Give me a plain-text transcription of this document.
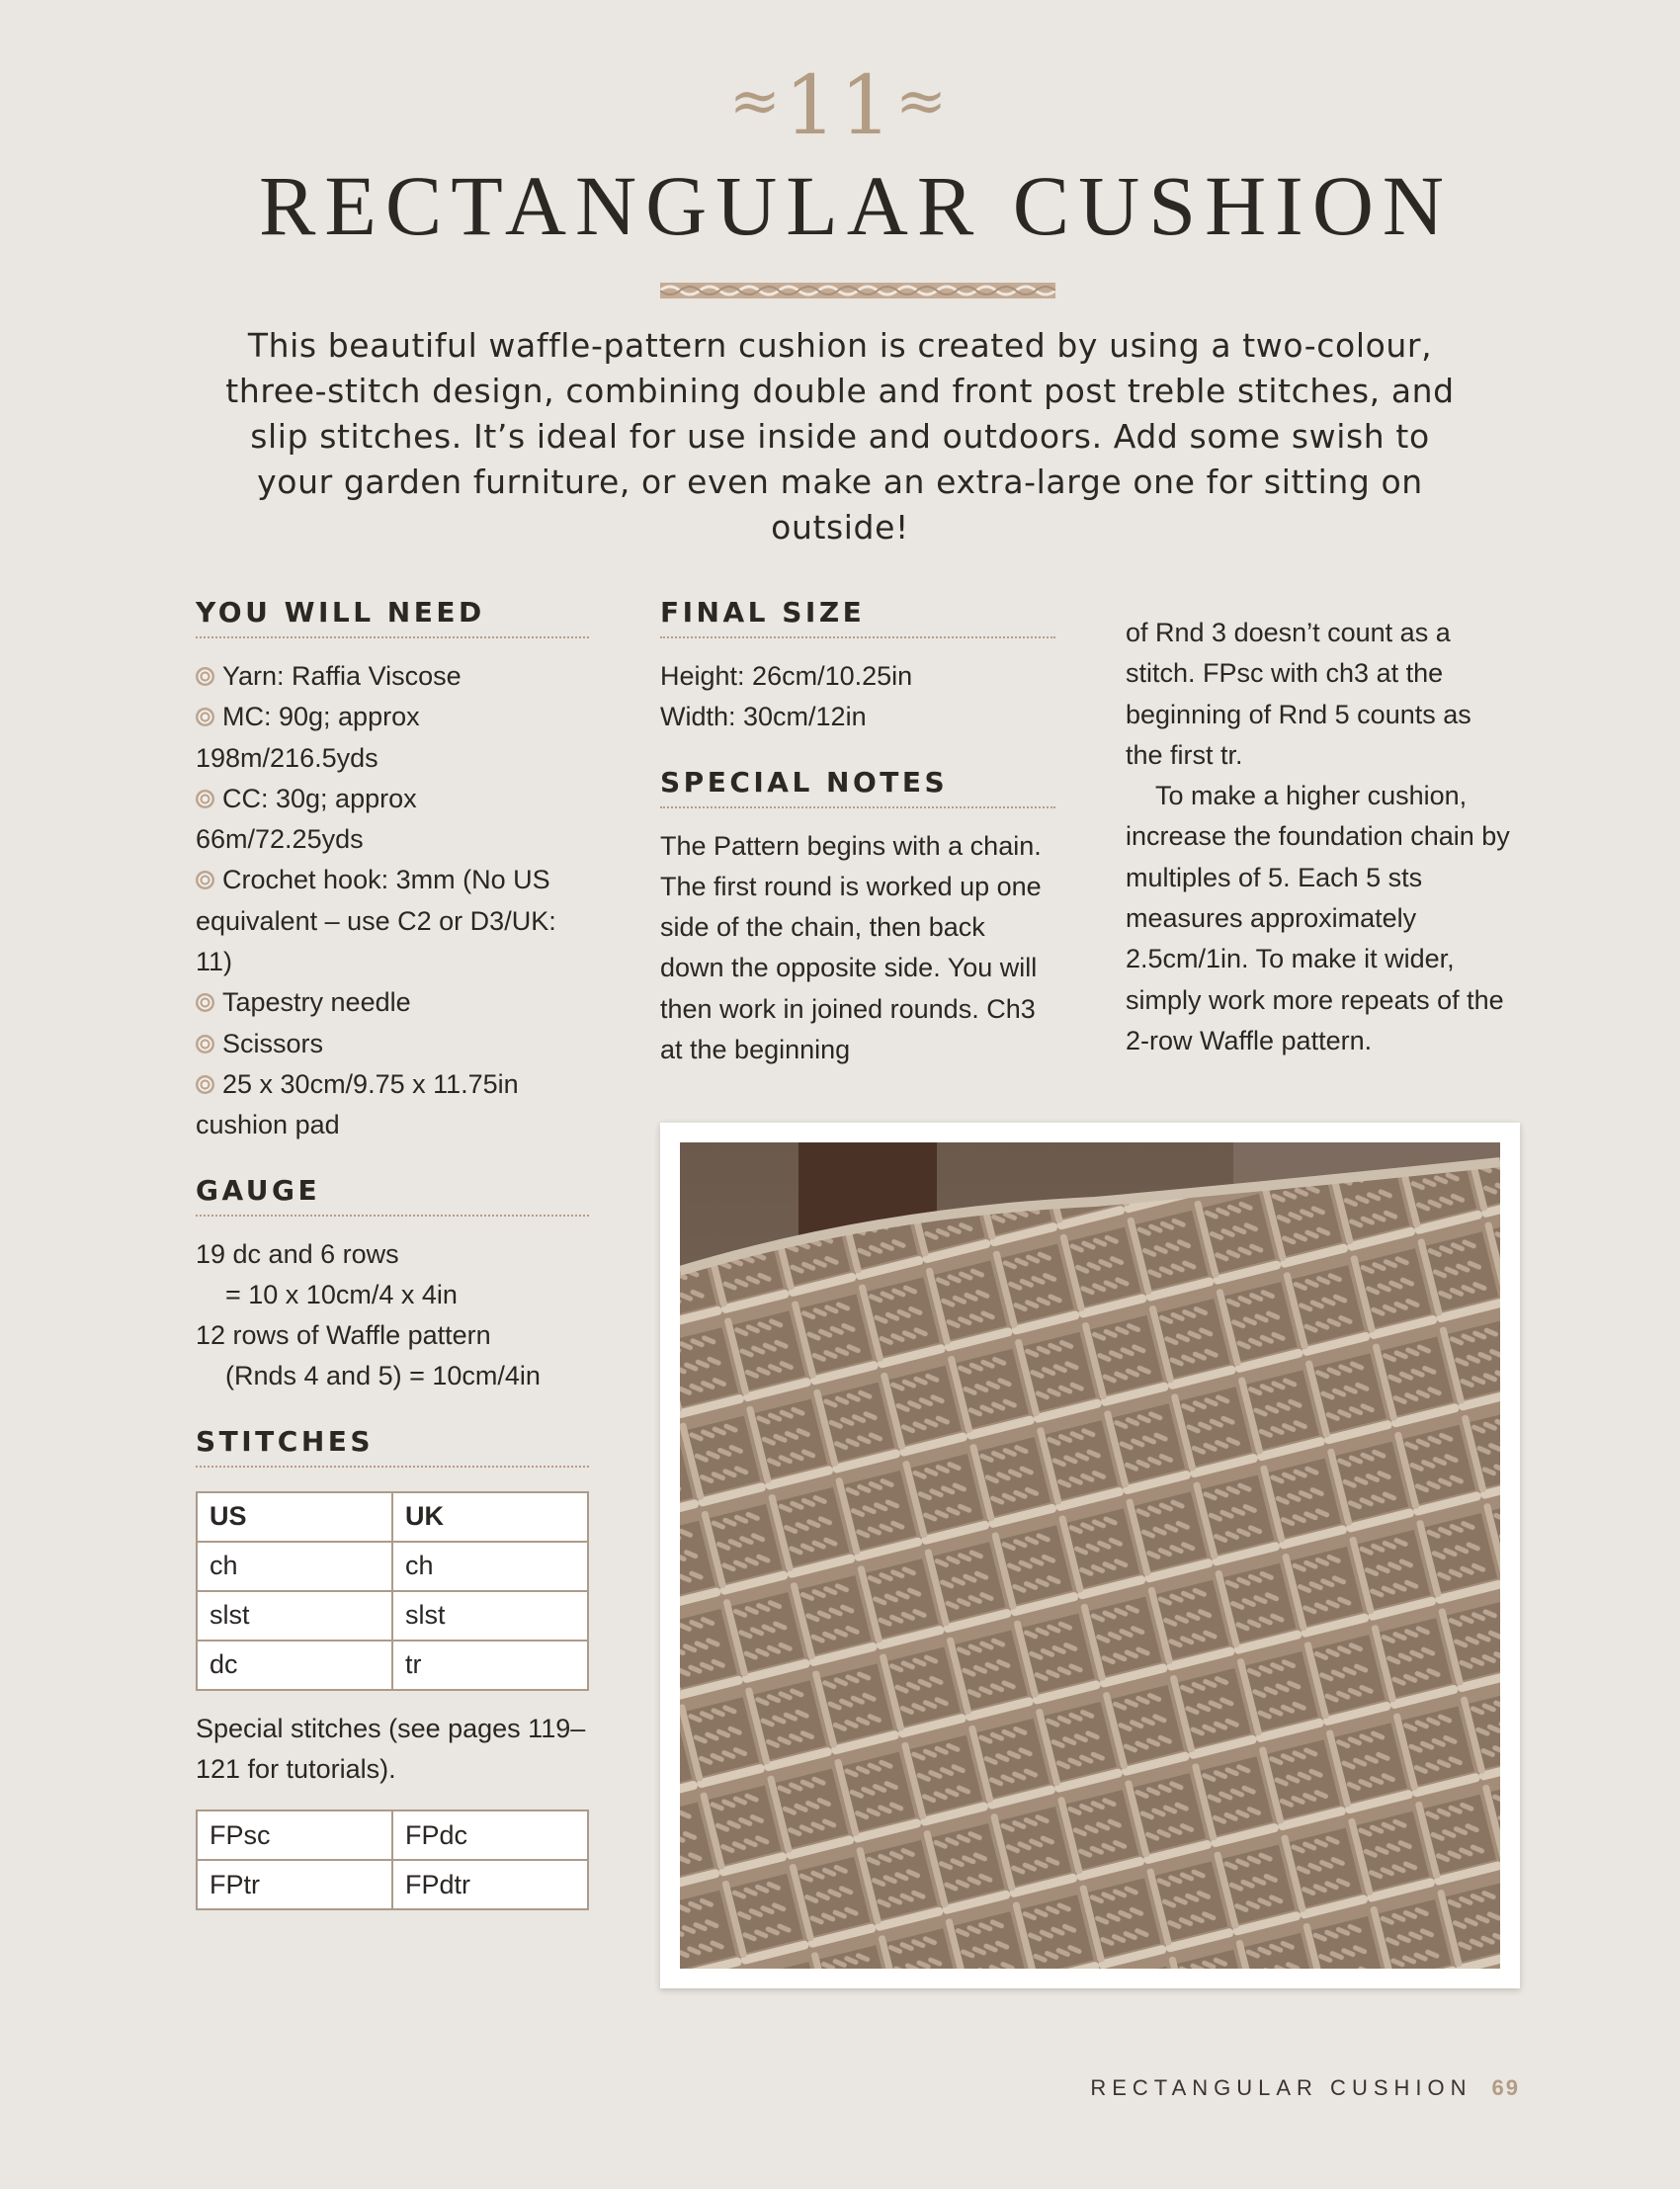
≈11≈
RECTANGULAR CUSHION

This beautiful waffle-pattern cushion is created by using a two-colour, three-stitch design, combining double and front post treble stitches, and slip stitches. It’s ideal for use inside and outdoors. Add some swish to your garden furniture, or even make an extra-large one for sitting on outside!

YOU WILL NEED
Yarn: Raffia Viscose
MC: 90g; approx 198m/216.5yds
CC: 30g; approx 66m/72.25yds
Crochet hook: 3mm (No US equivalent – use C2 or D3/UK: 11)
Tapestry needle
Scissors
25 x 30cm/9.75 x 11.75in cushion pad
GAUGE
19 dc and 6 rows
= 10 x 10cm/4 x 4in
12 rows of Waffle pattern
(Rnds 4 and 5) = 10cm/4in
STITCHES
US	UK
ch	ch
slst	slst
dc	tr
Special stitches (see pages 119–121 for tutorials).
FPsc	FPdc
FPtr	FPdtr
FINAL SIZE
Height: 26cm/10.25in
Width: 30cm/12in
SPECIAL NOTES
The Pattern begins with a chain. The first round is worked up one side of the chain, then back down the opposite side. You will then work in joined rounds. Ch3 at the beginning
of Rnd 3 doesn’t count as a stitch. FPsc with ch3 at the beginning of Rnd 5 counts as the first tr.
To make a higher cushion, increase the foundation chain by multiples of 5. Each 5 sts measures approximately 2.5cm/1in. To make it wider, simply work more repeats of the 2-row Waffle pattern.
RECTANGULAR CUSHION 69
